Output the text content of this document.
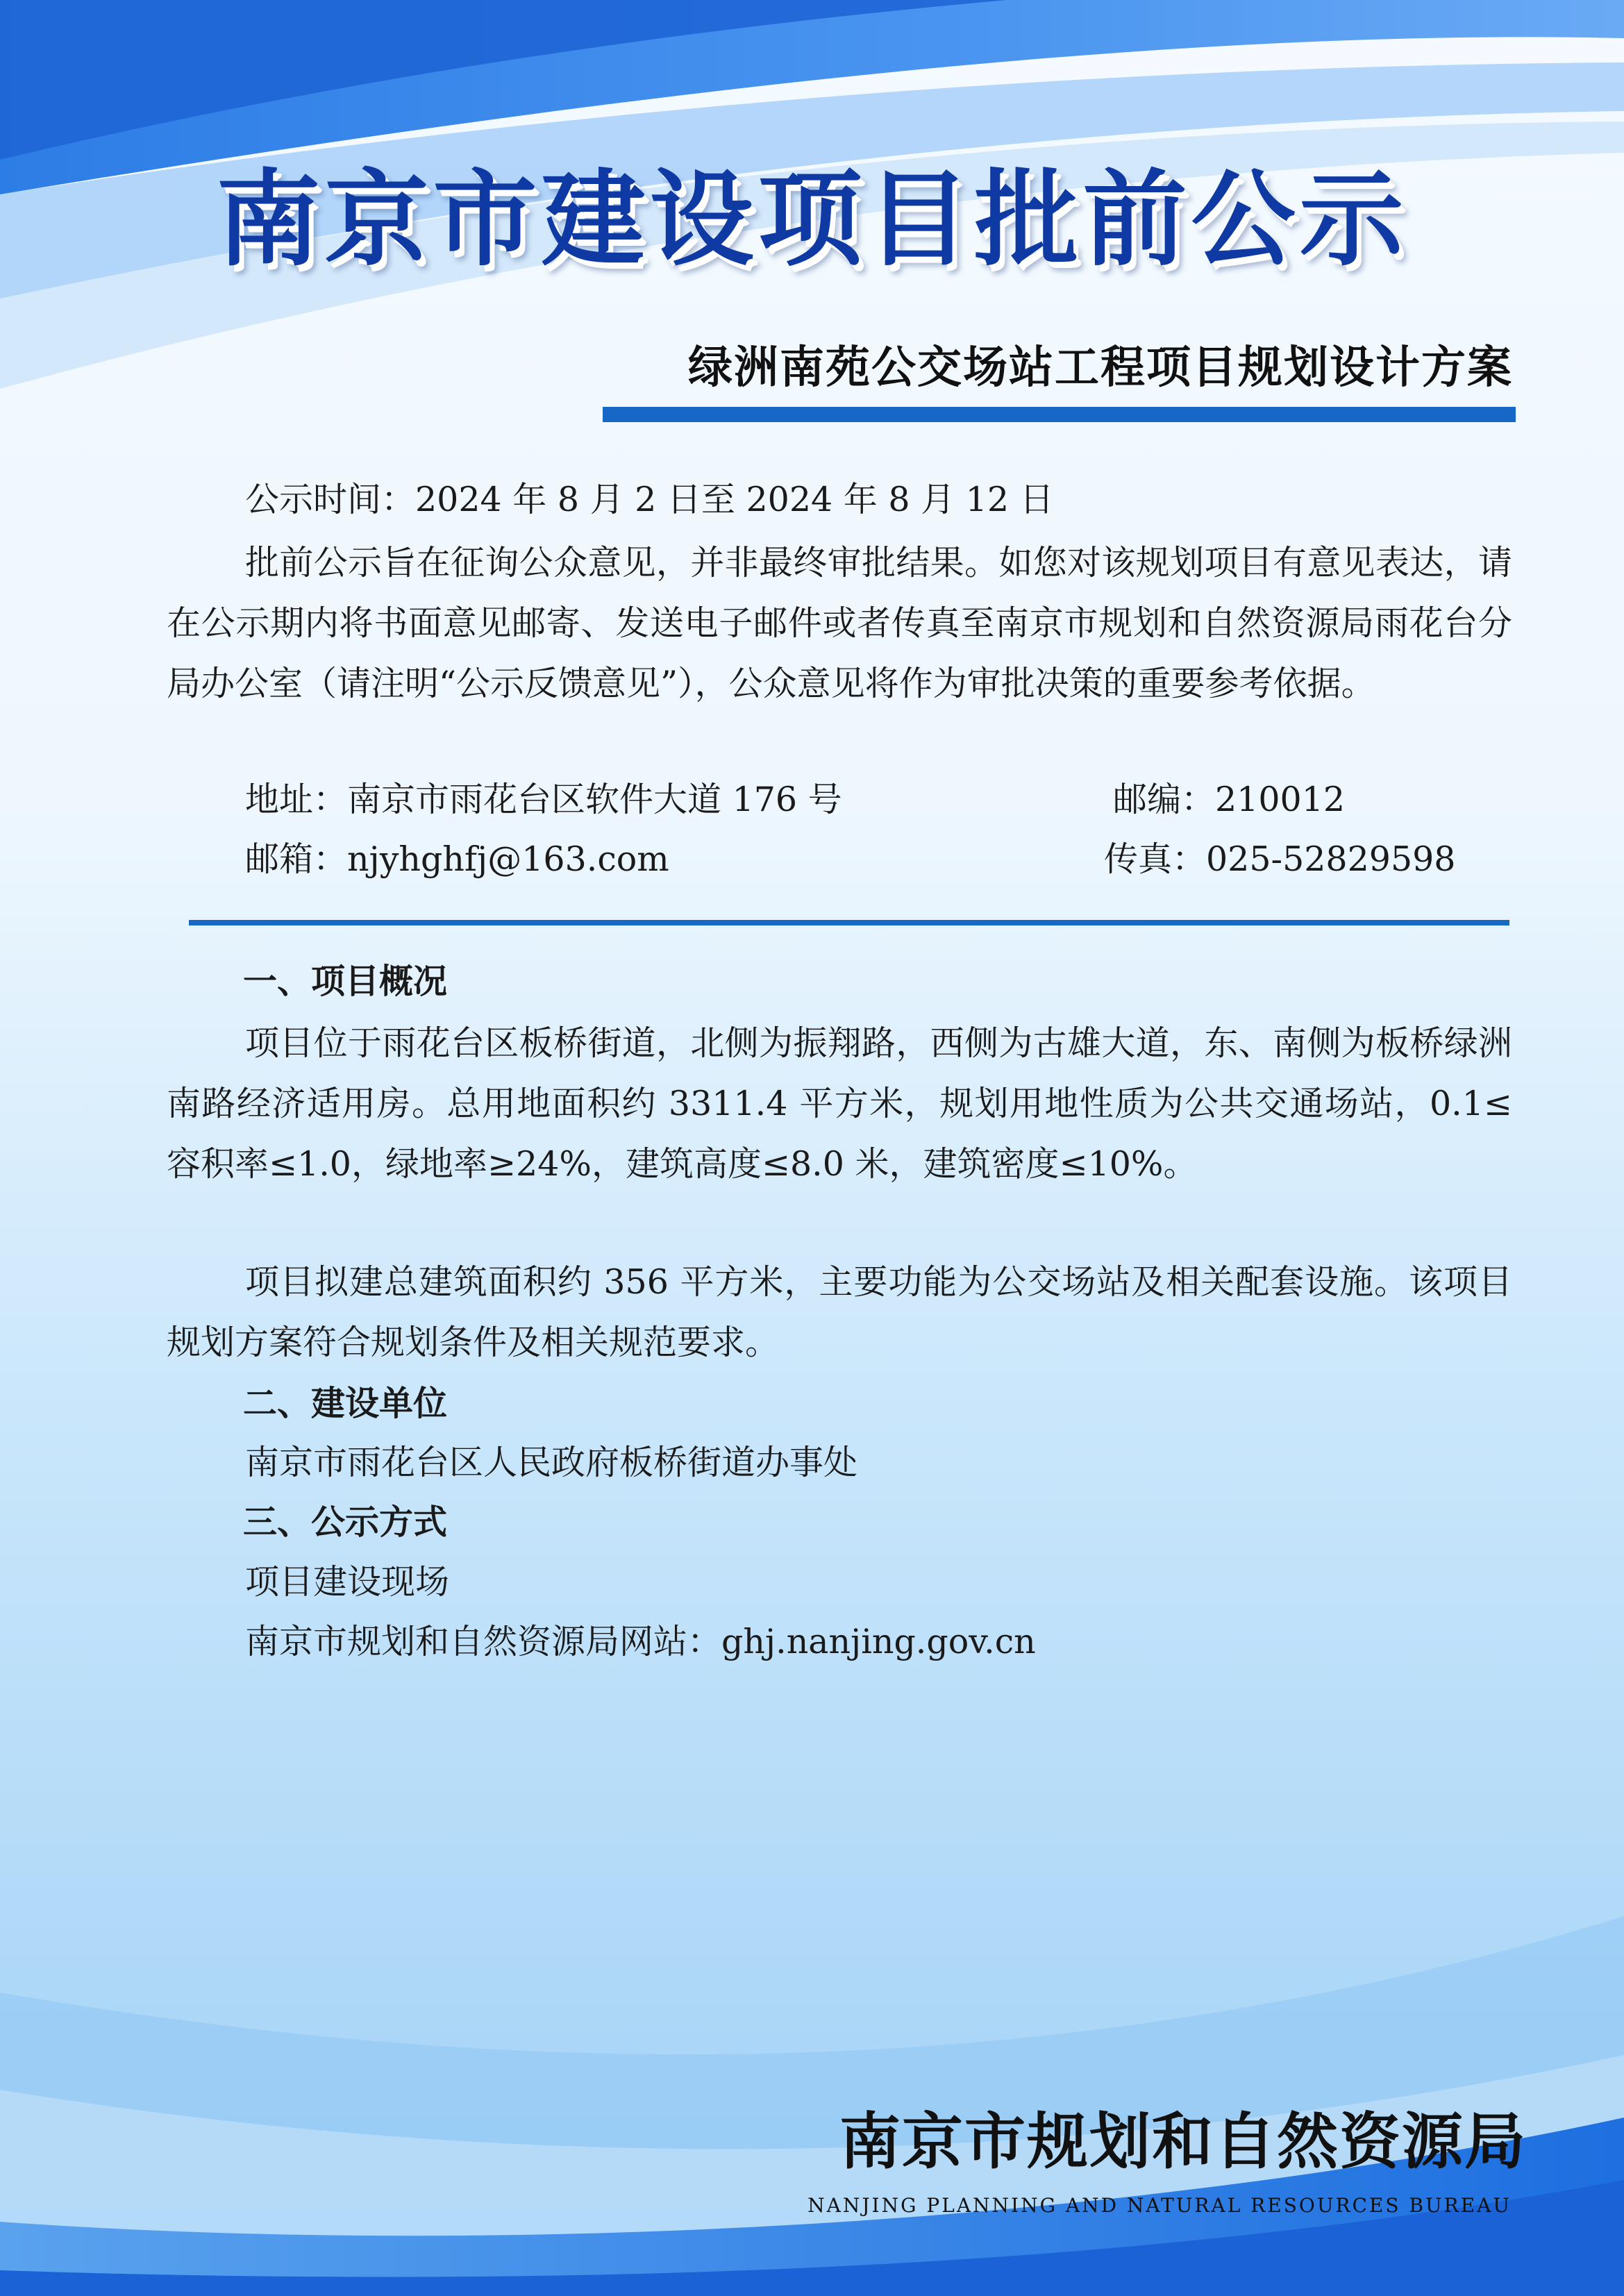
南京市建设项目批前公示
绿洲南苑公交场站工程项目规划设计方案

公示时间：2024 年 8 月 2 日至 2024 年 8 月 12 日

批前公示旨在征询公众意见，并非最终审批结果。如您对该规划项目有意见表达，请在公示期内将书面意见邮寄、发送电子邮件或者传真至南京市规划和自然资源局雨花台分局办公室（请注明“公示反馈意见”），公众意见将作为审批决策的重要参考依据。

地址：南京市雨花台区软件大道 176 号	邮编：210012

邮箱：njyhghfj@163.com	传真：025-52829598

一、项目概况

项目位于雨花台区板桥街道，北侧为振翔路，西侧为古雄大道，东、南侧为板桥绿洲南路经济适用房。总用地面积约 3311.4 平方米，规划用地性质为公共交通场站，0.1≤容积率≤1.0，绿地率≥24%，建筑高度≤8.0 米，建筑密度≤10%。

项目拟建总建筑面积约 356 平方米，主要功能为公交场站及相关配套设施。该项目规划方案符合规划条件及相关规范要求。

二、建设单位

南京市雨花台区人民政府板桥街道办事处

三、公示方式

项目建设现场

南京市规划和自然资源局网站：ghj.nanjing.gov.cn

南京市规划和自然资源局

NANJING PLANNING AND NATURAL RESOURCES BUREAU
